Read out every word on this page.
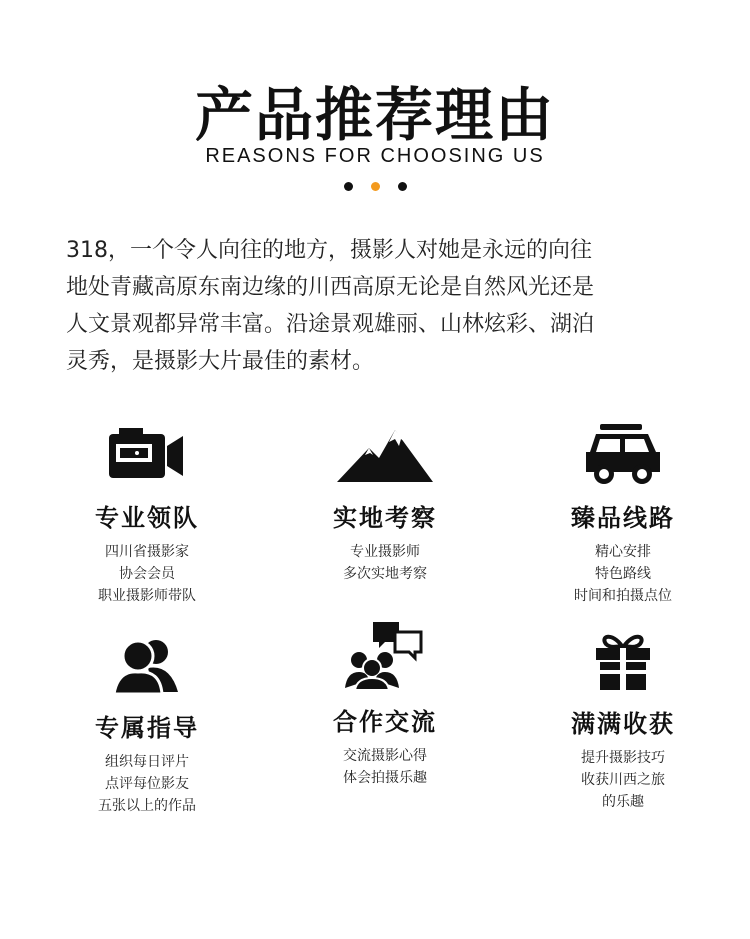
产品推荐理由
REASONS FOR CHOOSING US
318，一个令人向往的地方，摄影人对她是永远的向往
地处青藏高原东南边缘的川西高原无论是自然风光还是
人文景观都异常丰富。沿途景观雄丽、山林炫彩、湖泊
灵秀，是摄影大片最佳的素材。
专业领队
四川省摄影家
协会会员
职业摄影师带队
实地考察
专业摄影师
多次实地考察
臻品线路
精心安排
特色路线
时间和拍摄点位
专属指导
组织每日评片
点评每位影友
五张以上的作品
合作交流
交流摄影心得
体会拍摄乐趣
满满收获
提升摄影技巧
收获川西之旅
的乐趣
